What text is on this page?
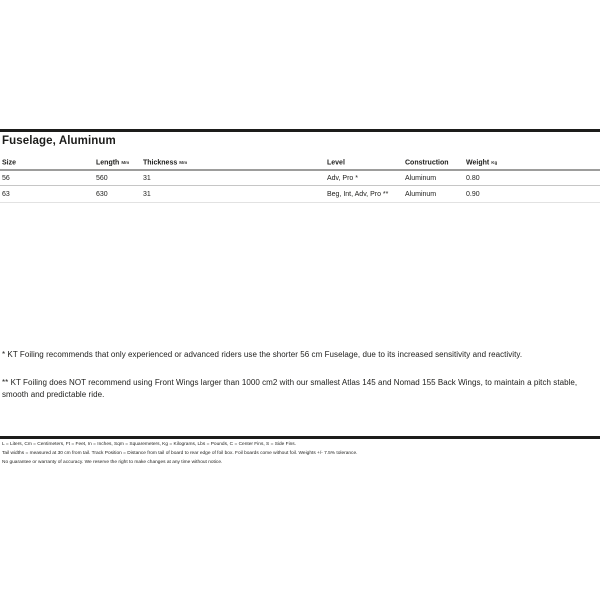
Fuselage, Aluminum
Size	Length Mm	Thickness Mm	Level	Construction	Weight Kg
56	560	31	Adv, Pro *	Aluminum	0.80
63	630	31	Beg, Int, Adv, Pro **	Aluminum	0.90
* KT Foiling recommends that only experienced or advanced riders use the shorter 56 cm Fuselage, due to its increased sensitivity and reactivity.
** KT Foiling does NOT recommend using Front Wings larger than 1000 cm2 with our smallest Atlas 145 and Nomad 155 Back Wings, to maintain a pitch stable, smooth and predictable ride.
L = Liters, Cm = Centimeters, Ft = Feet, In = Inches, Sqm = Squaremeters, Kg = Kilograms, Lbs = Pounds, C = Center Fins, S = Side Fins.
Tail widths = measured at 30 cm from tail. Track Position = Distance from tail of board to rear edge of foil box. Foil boards come without foil. Weights +/- 7.5% tolerance.
No guarantee or warranty of accuracy. We reserve the right to make changes at any time without notice.
